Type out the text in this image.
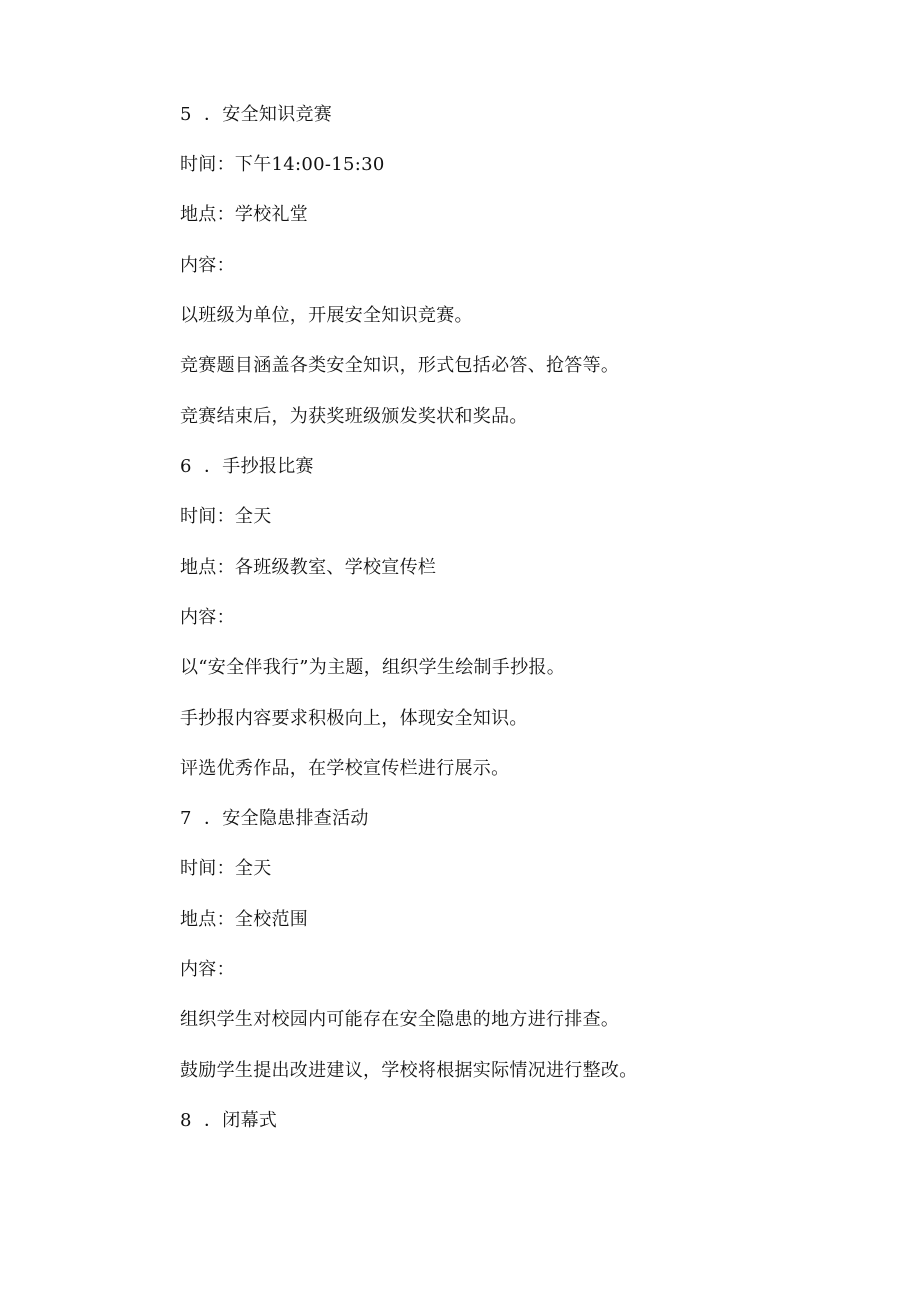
5 ．安全知识竞赛
时间：下午14:00-15:30
地点：学校礼堂
内容：
以班级为单位，开展安全知识竞赛。
竞赛题目涵盖各类安全知识，形式包括必答、抢答等。
竞赛结束后，为获奖班级颁发奖状和奖品。
6 ．手抄报比赛
时间：全天
地点：各班级教室、学校宣传栏
内容：
以“安全伴我行”为主题，组织学生绘制手抄报。
手抄报内容要求积极向上，体现安全知识。
评选优秀作品，在学校宣传栏进行展示。
7 ．安全隐患排查活动
时间：全天
地点：全校范围
内容：
组织学生对校园内可能存在安全隐患的地方进行排查。
鼓励学生提出改进建议，学校将根据实际情况进行整改。
8 ．闭幕式
